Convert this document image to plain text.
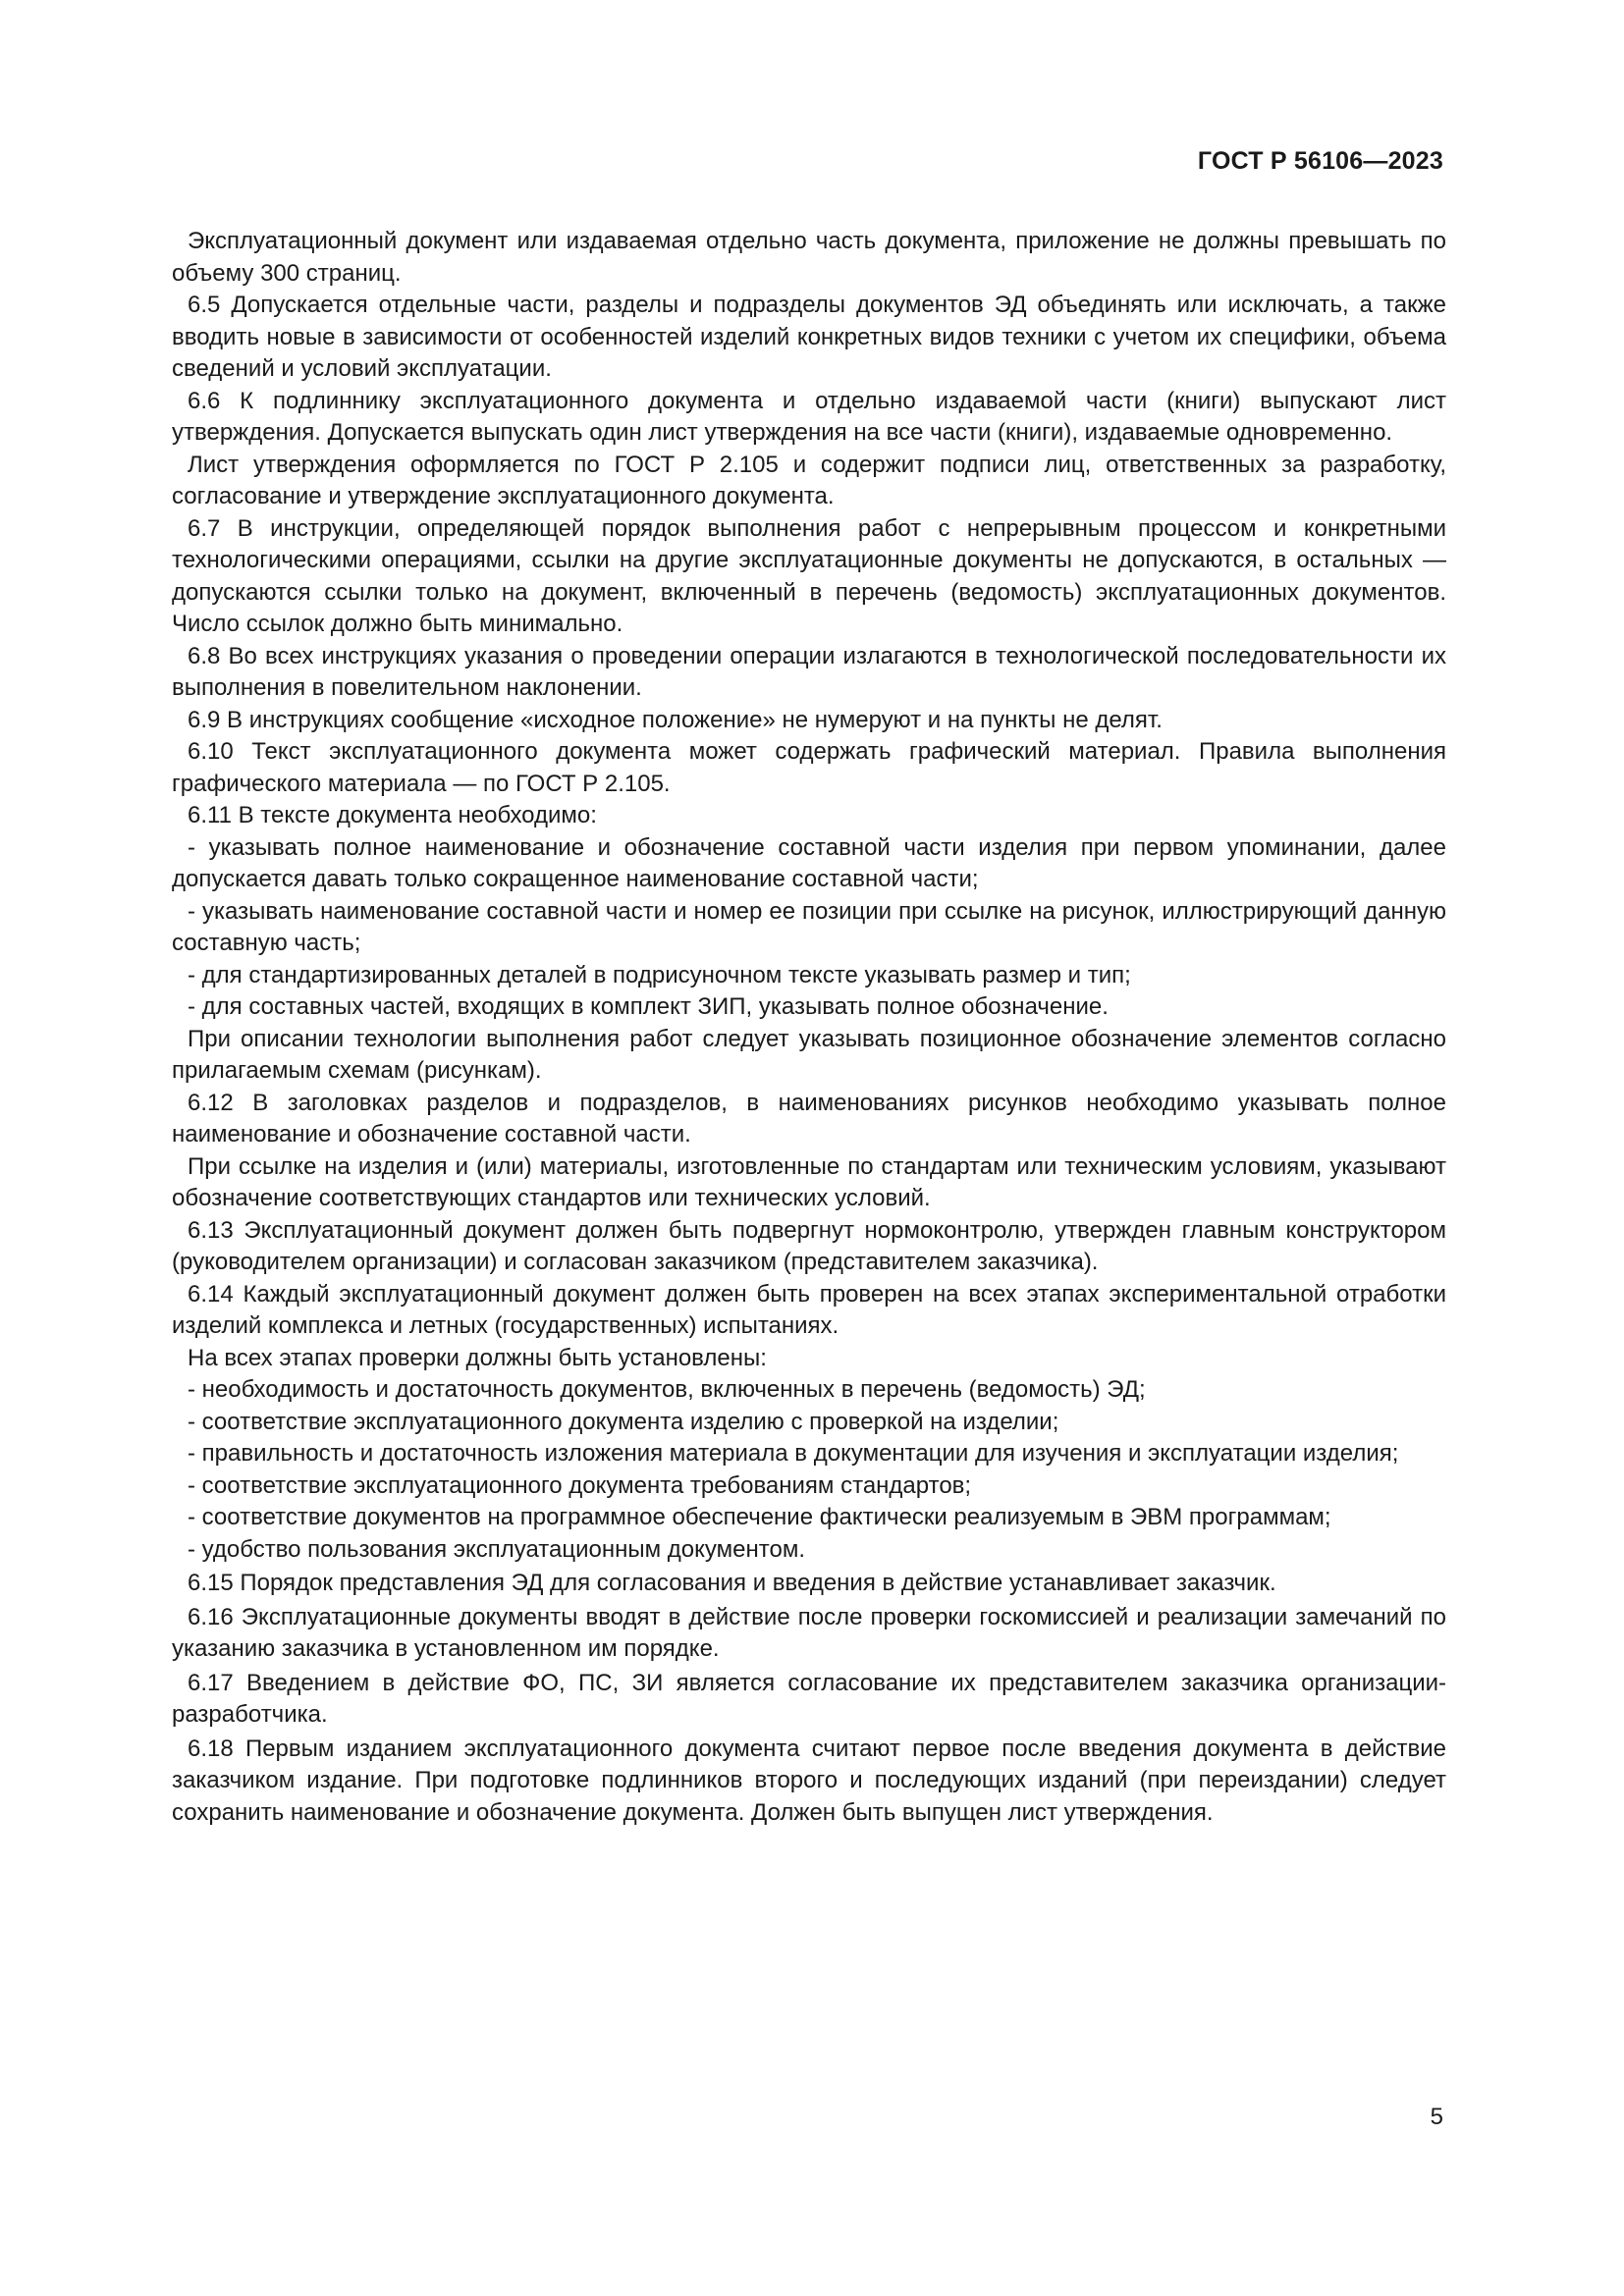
ГОСТ Р 56106—2023

Эксплуатационный документ или издаваемая отдельно часть документа, приложение не должны превышать по объему 300 страниц.

6.5 Допускается отдельные части, разделы и подразделы документов ЭД объединять или исключать, а также вводить новые в зависимости от особенностей изделий конкретных видов техники с учетом их специфики, объема сведений и условий эксплуатации.

6.6 К подлиннику эксплуатационного документа и отдельно издаваемой части (книги) выпускают лист утверждения. Допускается выпускать один лист утверждения на все части (книги), издаваемые одновременно.

Лист утверждения оформляется по ГОСТ Р 2.105 и содержит подписи лиц, ответственных за разработку, согласование и утверждение эксплуатационного документа.

6.7 В инструкции, определяющей порядок выполнения работ с непрерывным процессом и конкретными технологическими операциями, ссылки на другие эксплуатационные документы не допускаются, в остальных — допускаются ссылки только на документ, включенный в перечень (ведомость) эксплуатационных документов. Число ссылок должно быть минимально.

6.8 Во всех инструкциях указания о проведении операции излагаются в технологической последовательности их выполнения в повелительном наклонении.

6.9 В инструкциях сообщение «исходное положение» не нумеруют и на пункты не делят.

6.10 Текст эксплуатационного документа может содержать графический материал. Правила выполнения графического материала — по ГОСТ Р 2.105.

6.11 В тексте документа необходимо:

- указывать полное наименование и обозначение составной части изделия при первом упоминании, далее допускается давать только сокращенное наименование составной части;

- указывать наименование составной части и номер ее позиции при ссылке на рисунок, иллюстрирующий данную составную часть;

- для стандартизированных деталей в подрисуночном тексте указывать размер и тип;

- для составных частей, входящих в комплект ЗИП, указывать полное обозначение.

При описании технологии выполнения работ следует указывать позиционное обозначение элементов согласно прилагаемым схемам (рисункам).

6.12 В заголовках разделов и подразделов, в наименованиях рисунков необходимо указывать полное наименование и обозначение составной части.

При ссылке на изделия и (или) материалы, изготовленные по стандартам или техническим условиям, указывают обозначение соответствующих стандартов или технических условий.

6.13 Эксплуатационный документ должен быть подвергнут нормоконтролю, утвержден главным конструктором (руководителем организации) и согласован заказчиком (представителем заказчика).

6.14 Каждый эксплуатационный документ должен быть проверен на всех этапах экспериментальной отработки изделий комплекса и летных (государственных) испытаниях.

На всех этапах проверки должны быть установлены:

- необходимость и достаточность документов, включенных в перечень (ведомость) ЭД;

- соответствие эксплуатационного документа изделию с проверкой на изделии;

- правильность и достаточность изложения материала в документации для изучения и эксплуатации изделия;

- соответствие эксплуатационного документа требованиям стандартов;

- соответствие документов на программное обеспечение фактически реализуемым в ЭВМ программам;

- удобство пользования эксплуатационным документом.

6.15 Порядок представления ЭД для согласования и введения в действие устанавливает заказчик.

6.16 Эксплуатационные документы вводят в действие после проверки госкомиссией и реализации замечаний по указанию заказчика в установленном им порядке.

6.17 Введением в действие ФО, ПС, ЗИ является согласование их представителем заказчика организации-разработчика.

6.18 Первым изданием эксплуатационного документа считают первое после введения документа в действие заказчиком издание. При подготовке подлинников второго и последующих изданий (при переиздании) следует сохранить наименование и обозначение документа. Должен быть выпущен лист утверждения.

5
